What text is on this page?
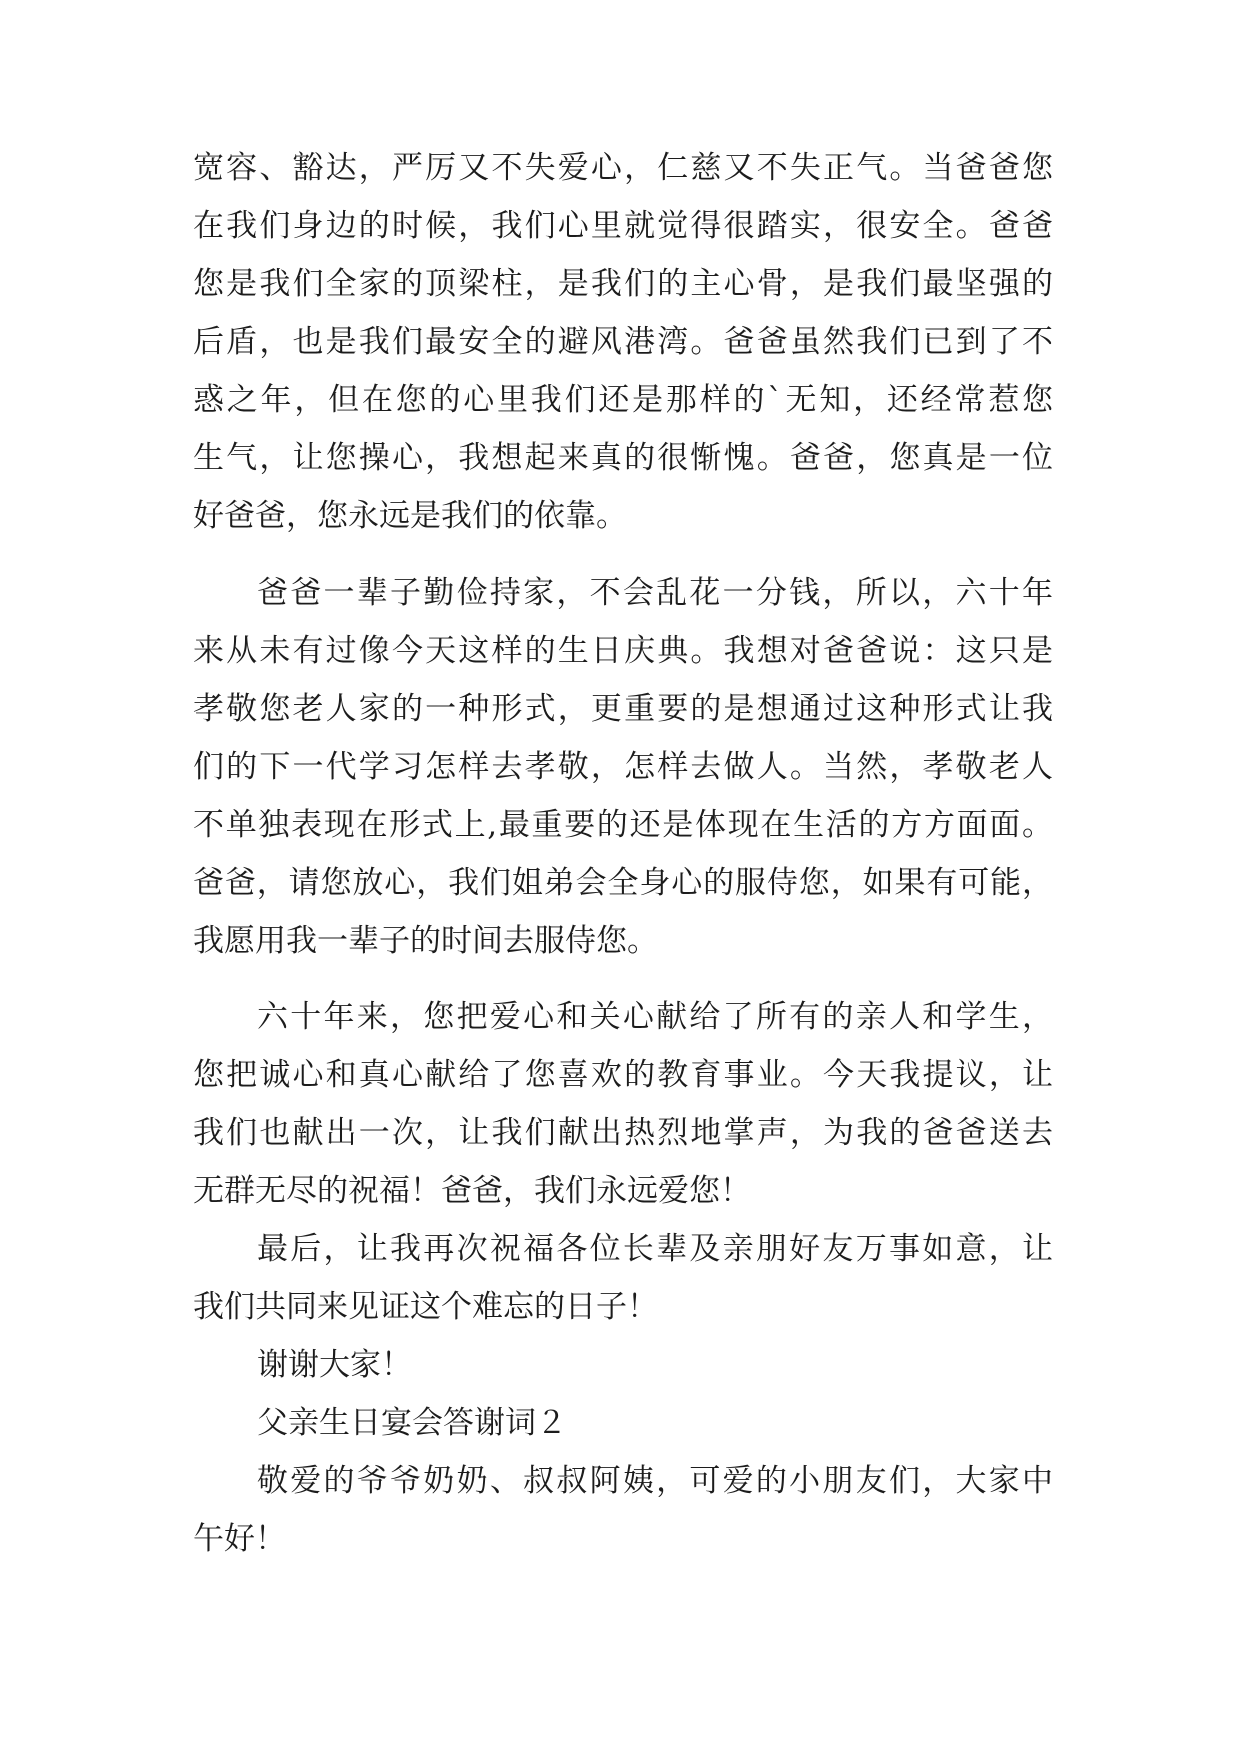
宽容、豁达，严厉又不失爱心，仁慈又不失正气。当爸爸您
在我们身边的时候，我们心里就觉得很踏实，很安全。爸爸
您是我们全家的顶梁柱，是我们的主心骨，是我们最坚强的
后盾，也是我们最安全的避风港湾。爸爸虽然我们已到了不
惑之年，但在您的心里我们还是那样的`无知，还经常惹您
生气，让您操心，我想起来真的很惭愧。爸爸，您真是一位
好爸爸，您永远是我们的依靠。
爸爸一辈子勤俭持家，不会乱花一分钱，所以，六十年
来从未有过像今天这样的生日庆典。我想对爸爸说：这只是
孝敬您老人家的一种形式，更重要的是想通过这种形式让我
们的下一代学习怎样去孝敬，怎样去做人。当然，孝敬老人
不单独表现在形式上,最重要的还是体现在生活的方方面面。
爸爸，请您放心，我们姐弟会全身心的服侍您，如果有可能，
我愿用我一辈子的时间去服侍您。
六十年来，您把爱心和关心献给了所有的亲人和学生，
您把诚心和真心献给了您喜欢的教育事业。今天我提议，让
我们也献出一次，让我们献出热烈地掌声，为我的爸爸送去
无群无尽的祝福！爸爸，我们永远爱您！
最后，让我再次祝福各位长辈及亲朋好友万事如意，让
我们共同来见证这个难忘的日子！
谢谢大家！
父亲生日宴会答谢词２
敬爱的爷爷奶奶、叔叔阿姨，可爱的小朋友们，大家中
午好！
